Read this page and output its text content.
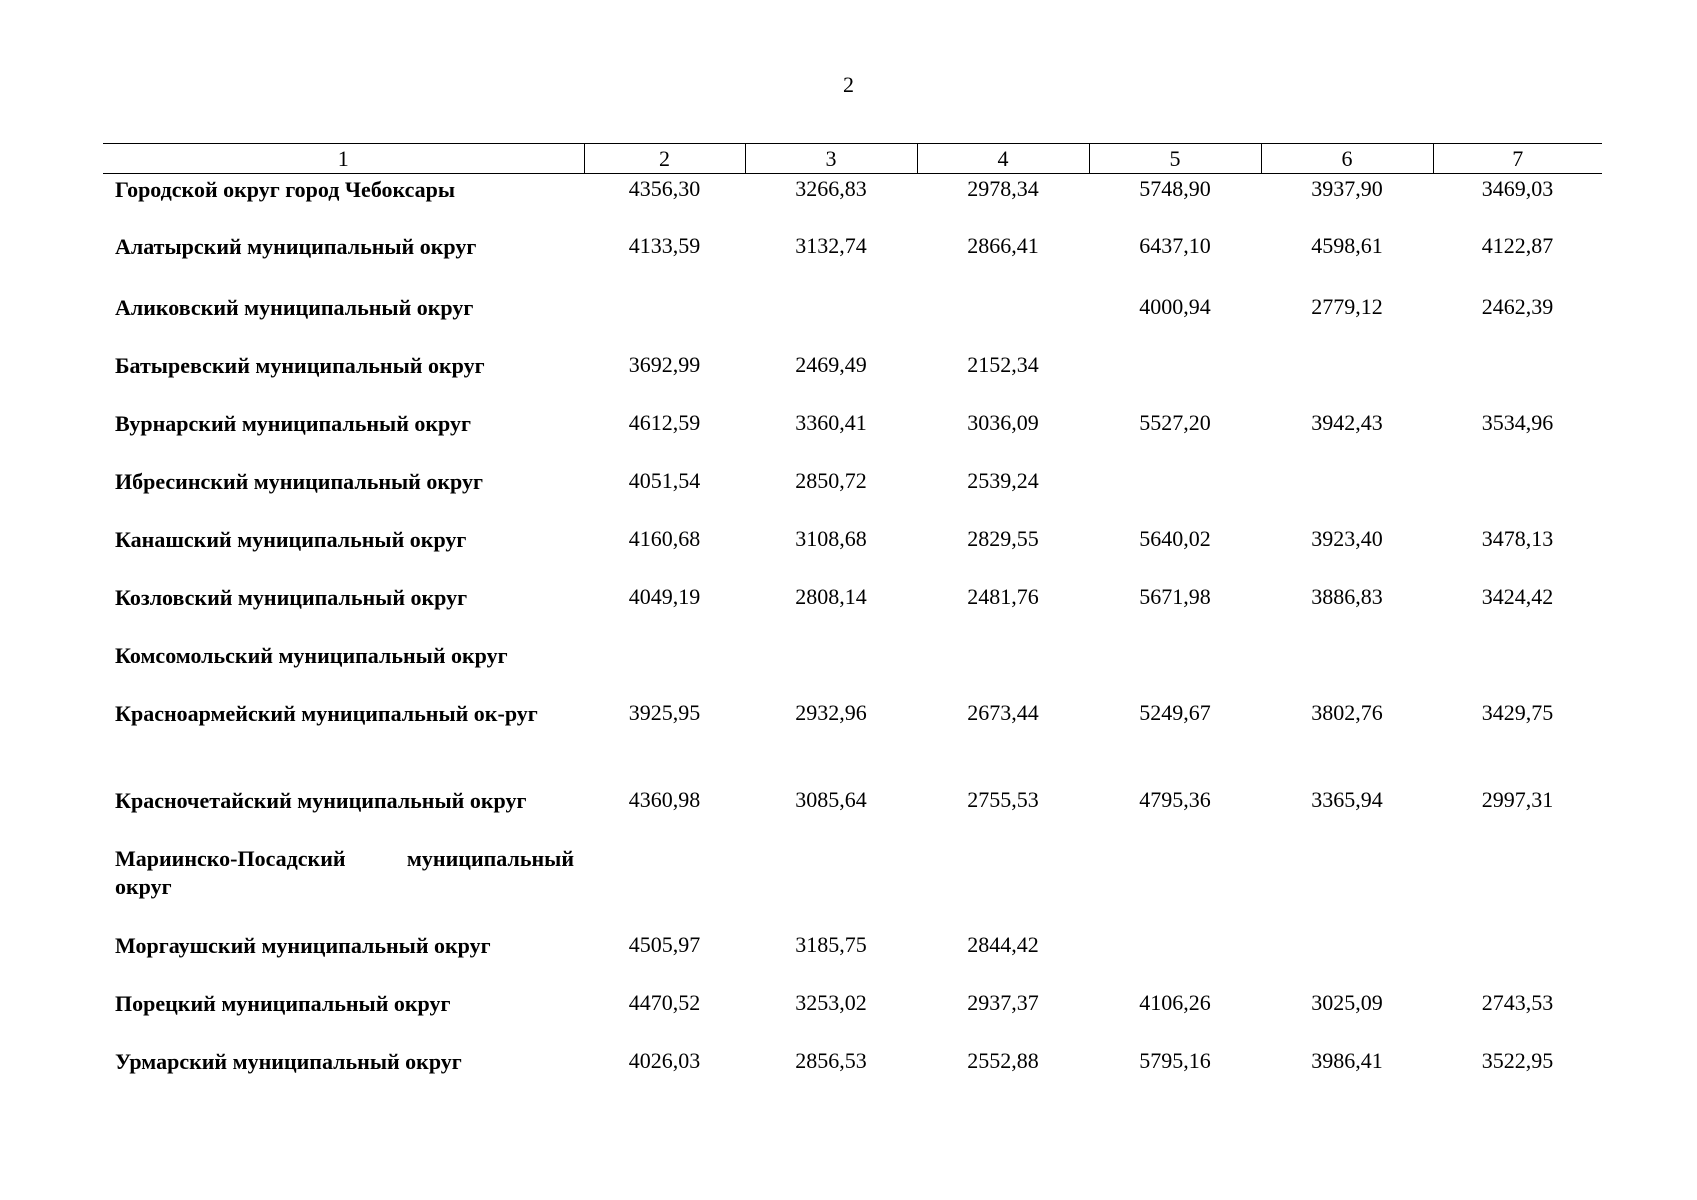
2
1	2	3	4	5	6	7
Городской округ город Чебоксары	4356,30	3266,83	2978,34	5748,90	3937,90	3469,03
Алатырский муниципальный округ	4133,59	3132,74	2866,41	6437,10	4598,61	4122,87
Аликовский муниципальный округ				4000,94	2779,12	2462,39
Батыревский муниципальный округ	3692,99	2469,49	2152,34			
Вурнарский муниципальный округ	4612,59	3360,41	3036,09	5527,20	3942,43	3534,96
Ибресинский муниципальный округ	4051,54	2850,72	2539,24			
Канашский муниципальный округ	4160,68	3108,68	2829,55	5640,02	3923,40	3478,13
Козловский муниципальный округ	4049,19	2808,14	2481,76	5671,98	3886,83	3424,42
Комсомольский муниципальный округ						
Красноармейский муниципальный ок-руг	3925,95	2932,96	2673,44	5249,67	3802,76	3429,75
Красночетайский муниципальный округ	4360,98	3085,64	2755,53	4795,36	3365,94	2997,31
Мариинско-Посадский муниципальный округ						
Моргаушский муниципальный округ	4505,97	3185,75	2844,42			
Порецкий муниципальный округ	4470,52	3253,02	2937,37	4106,26	3025,09	2743,53
Урмарский муниципальный округ	4026,03	2856,53	2552,88	5795,16	3986,41	3522,95
